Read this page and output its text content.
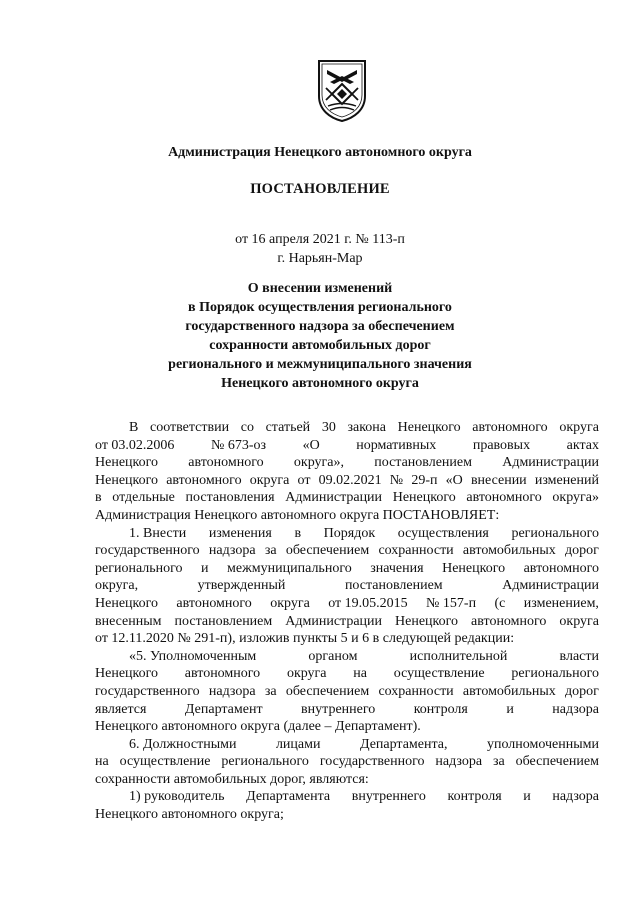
Администрация Ненецкого автономного округа
ПОСТАНОВЛЕНИЕ
от 16 апреля 2021 г. № 113-п
г. Нарьян-Мар
О внесении изменений
в Порядок осуществления регионального
государственного надзора за обеспечением
сохранности автомобильных дорог
регионального и межмуниципального значения
Ненецкого автономного округа
В соответствии со статьей 30 закона Ненецкого автономного округа
от 03.02.2006	№ 673-оз	«О	нормативных	правовых	актах
Ненецкого автономного округа», постановлением Администрации
Ненецкого автономного округа от 09.02.2021 № 29-п «О внесении изменений
в отдельные постановления Администрации Ненецкого автономного округа»
Администрация Ненецкого автономного округа ПОСТАНОВЛЯЕТ:
1. Внести изменения в Порядок осуществления регионального
государственного надзора за обеспечением сохранности автомобильных дорог
регионального и межмуниципального значения Ненецкого автономного
округа,	утвержденный	постановлением	Администрации
Ненецкого автономного округа от 19.05.2015 № 157-п (с изменением,
внесенным постановлением Администрации Ненецкого автономного округа
от 12.11.2020 № 291-п), изложив пункты 5 и 6 в следующей редакции:
«5. Уполномоченным	органом	исполнительной	власти
Ненецкого автономного округа на осуществление регионального
государственного надзора за обеспечением сохранности автомобильных дорог
является	Департамент	внутреннего	контроля	и	надзора
Ненецкого автономного округа (далее – Департамент).
6. Должностными	лицами	Департамента,	уполномоченными
на осуществление регионального государственного надзора за обеспечением
сохранности автомобильных дорог, являются:
1) руководитель Департамента внутреннего контроля и надзора
Ненецкого автономного округа;
